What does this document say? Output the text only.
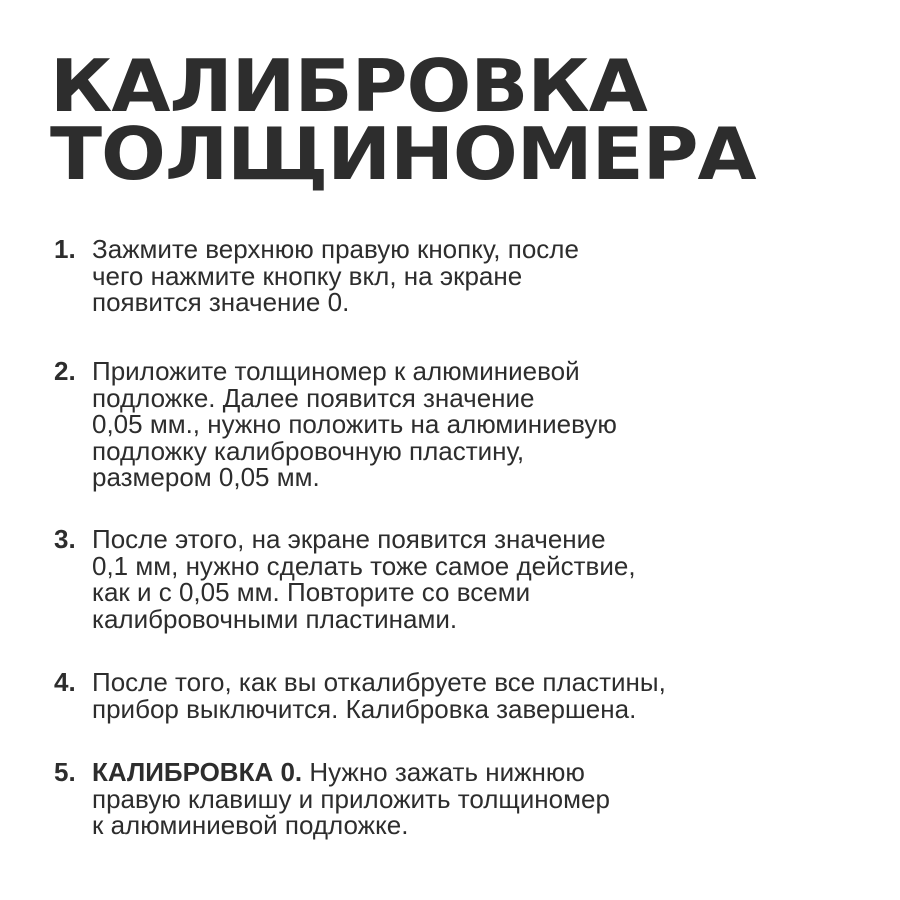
КАЛИБРОВКА
ТОЛЩИНОМЕРА
1. Зажмите верхнюю правую кнопку, после
чего нажмите кнопку вкл, на экране
появится значение 0.
2. Приложите толщиномер к алюминиевой
подложке. Далее появится значение
0,05 мм., нужно положить на алюминиевую
подложку калибровочную пластину,
размером 0,05 мм.
3. После этого, на экране появится значение
0,1 мм, нужно сделать тоже самое действие,
как и с 0,05 мм. Повторите со всеми
калибровочными пластинами.
4. После того, как вы откалибруете все пластины,
прибор выключится. Калибровка завершена.
5. КАЛИБРОВКА 0. Нужно зажать нижнюю
правую клавишу и приложить толщиномер
к алюминиевой подложке.
